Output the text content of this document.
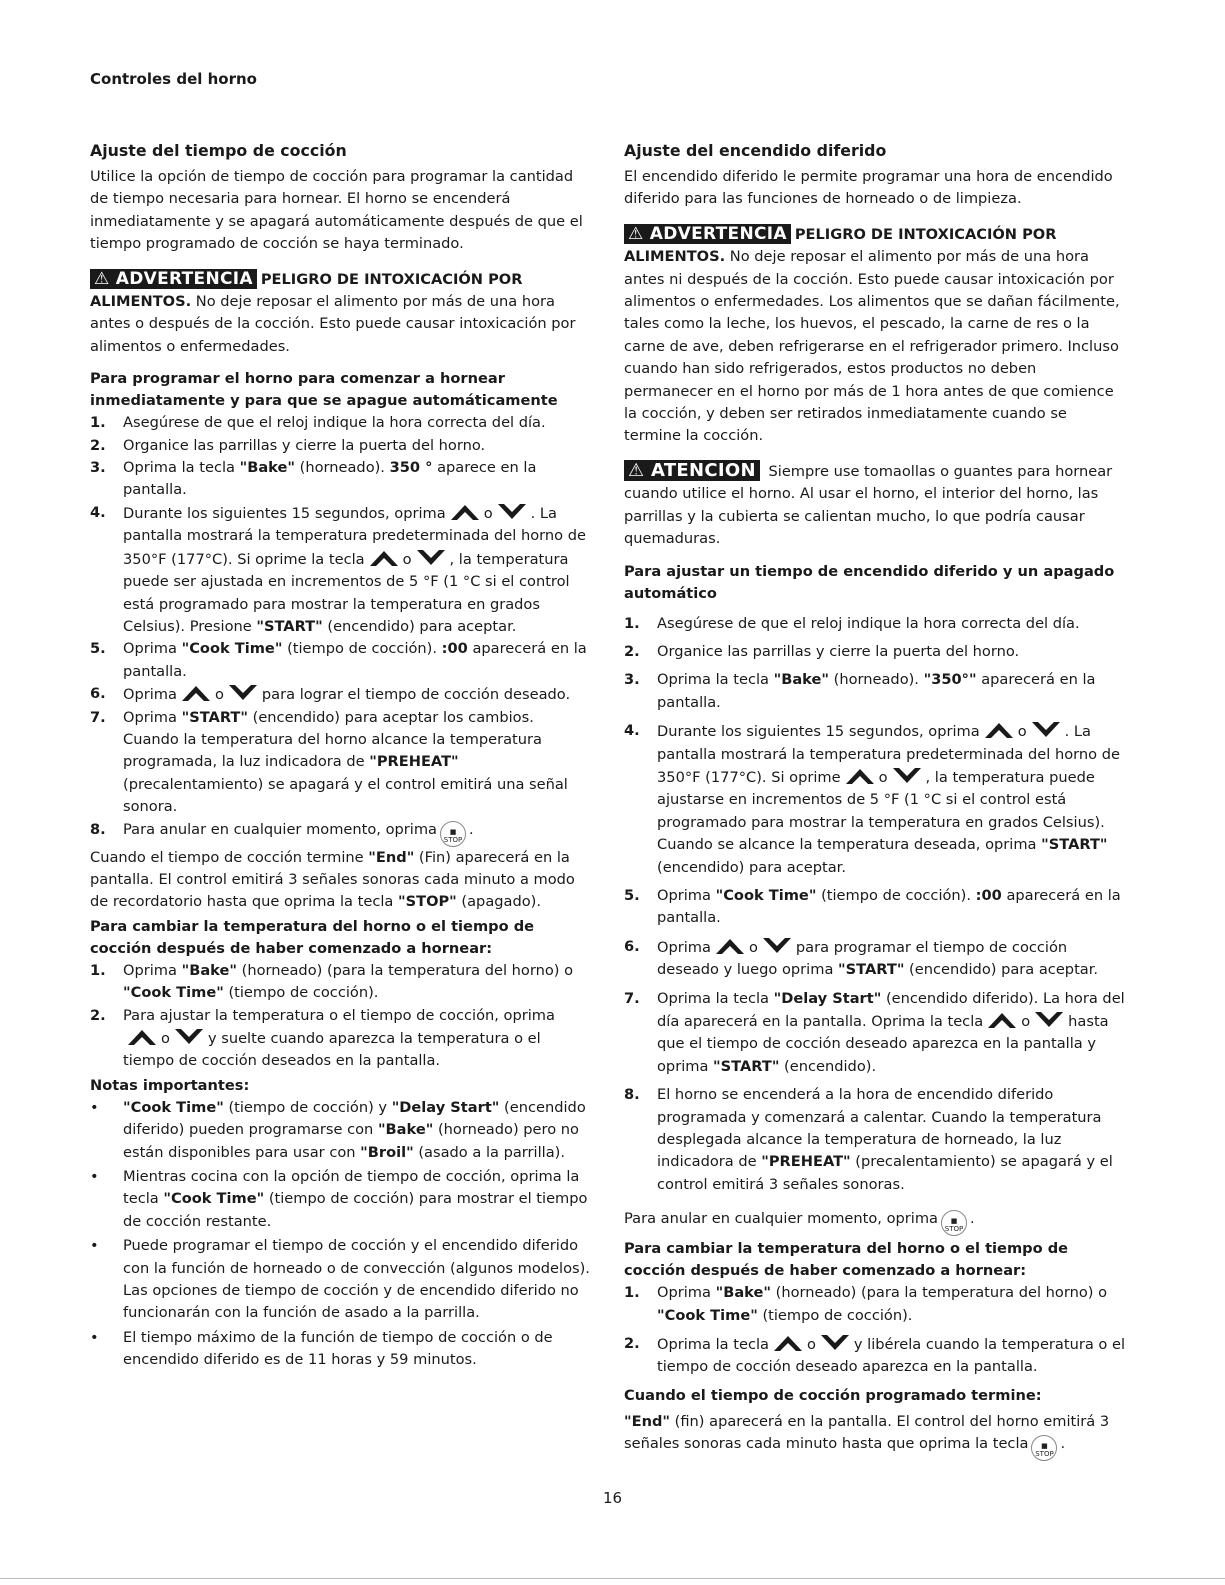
Controles del horno
Ajuste del tiempo de cocción

Utilice la opción de tiempo de cocción para programar la cantidad de tiempo necesaria para hornear. El horno se encenderá inmediatamente y se apagará automáticamente después de que el tiempo programado de cocción se haya terminado.

⚠ ADVERTENCIA PELIGRO DE INTOXICACIÓN POR ALIMENTOS. No deje reposar el alimento por más de una hora antes o después de la cocción. Esto puede causar intoxicación por alimentos o enfermedades.

Para programar el horno para comenzar a hornear inmediatamente y para que se apague automáticamente
1. Asegúrese de que el reloj indique la hora correcta del día.
2. Organice las parrillas y cierre la puerta del horno.
3. Oprima la tecla "Bake" (horneado). 350 ° aparece en la pantalla.
4. Durante los siguientes 15 segundos, oprima	o	. La pantalla mostrará la temperatura predeterminada del horno de 350°F (177°C). Si oprime la tecla	o	, la temperatura puede ser ajustada en incrementos de 5 °F (1 °C si el control está programado para mostrar la temperatura en grados Celsius). Presione "START" (encendido) para aceptar.
5. Oprima "Cook Time" (tiempo de cocción). :00 aparecerá en la pantalla.
6. Oprima	o	para lograr el tiempo de cocción deseado.
7. Oprima "START" (encendido) para aceptar los cambios. Cuando la temperatura del horno alcance la temperatura programada, la luz indicadora de "PREHEAT" (precalentamiento) se apagará y el control emitirá una señal sonora.
8. Para anular en cualquier momento, oprima ■
STOP.

Cuando el tiempo de cocción termine "End" (Fin) aparecerá en la pantalla. El control emitirá 3 señales sonoras cada minuto a modo de recordatorio hasta que oprima la tecla "STOP" (apagado).

Para cambiar la temperatura del horno o el tiempo de cocción después de haber comenzado a hornear:
1. Oprima "Bake" (horneado) (para la temperatura del horno) o "Cook Time" (tiempo de cocción).
2. Para ajustar la temperatura o el tiempo de cocción, oprimao	y suelte cuando aparezca la temperatura o el tiempo de cocción deseados en la pantalla.
Notas importantes:
• "Cook Time" (tiempo de cocción) y "Delay Start" (encendido diferido) pueden programarse con "Bake" (horneado) pero no están disponibles para usar con "Broil" (asado a la parrilla).
• Mientras cocina con la opción de tiempo de cocción, oprima la tecla "Cook Time" (tiempo de cocción) para mostrar el tiempo de cocción restante.
• Puede programar el tiempo de cocción y el encendido diferido con la función de horneado o de convección (algunos modelos). Las opciones de tiempo de cocción y de encendido diferido no funcionarán con la función de asado a la parrilla.
• El tiempo máximo de la función de tiempo de cocción o de encendido diferido es de 11 horas y 59 minutos.
Ajuste del encendido diferido

El encendido diferido le permite programar una hora de encendido diferido para las funciones de horneado o de limpieza.

⚠ ADVERTENCIA PELIGRO DE INTOXICACIÓN POR ALIMENTOS. No deje reposar el alimento por más de una hora antes ni después de la cocción. Esto puede causar intoxicación por alimentos o enfermedades. Los alimentos que se dañan fácilmente, tales como la leche, los huevos, el pescado, la carne de res o la carne de ave, deben refrigerarse en el refrigerador primero. Incluso cuando han sido refrigerados, estos productos no deben permanecer en el horno por más de 1 hora antes de que comience la cocción, y deben ser retirados inmediatamente cuando se termine la cocción.

⚠ ATENCION Siempre use tomaollas o guantes para hornear cuando utilice el horno. Al usar el horno, el interior del horno, las parrillas y la cubierta se calientan mucho, lo que podría causar quemaduras.

Para ajustar un tiempo de encendido diferido y un apagado automático
1. Asegúrese de que el reloj indique la hora correcta del día.
2. Organice las parrillas y cierre la puerta del horno.
3. Oprima la tecla "Bake" (horneado). "350°" aparecerá en la pantalla.
4. Durante los siguientes 15 segundos, oprima	o	. La pantalla mostrará la temperatura predeterminada del horno de 350°F (177°C). Si oprime	o	, la temperatura puede ajustarse en incrementos de 5 °F (1 °C si el control está programado para mostrar la temperatura en grados Celsius). Cuando se alcance la temperatura deseada, oprima "START" (encendido) para aceptar.
5. Oprima "Cook Time" (tiempo de cocción). :00 aparecerá en la pantalla.
6. Oprima	o	para programar el tiempo de cocción deseado y luego oprima "START" (encendido) para aceptar.
7. Oprima la tecla "Delay Start" (encendido diferido). La hora del día aparecerá en la pantalla. Oprima la tecla	o	hasta que el tiempo de cocción deseado aparezca en la pantalla y oprima "START" (encendido).
8. El horno se encenderá a la hora de encendido diferido programada y comenzará a calentar. Cuando la temperatura desplegada alcance la temperatura de horneado, la luz indicadora de "PREHEAT" (precalentamiento) se apagará y el control emitirá 3 señales sonoras.

Para anular en cualquier momento, oprima ■
STOP.

Para cambiar la temperatura del horno o el tiempo de cocción después de haber comenzado a hornear:
1. Oprima "Bake" (horneado) (para la temperatura del horno) o "Cook Time" (tiempo de cocción).
2. Oprima la tecla	o	y libérela cuando la temperatura o el tiempo de cocción deseado aparezca en la pantalla.
Cuando el tiempo de cocción programado termine:

"End" (fin) aparecerá en la pantalla. El control del horno emitirá 3 señales sonoras cada minuto hasta que oprima la tecla ■
STOP.

16
